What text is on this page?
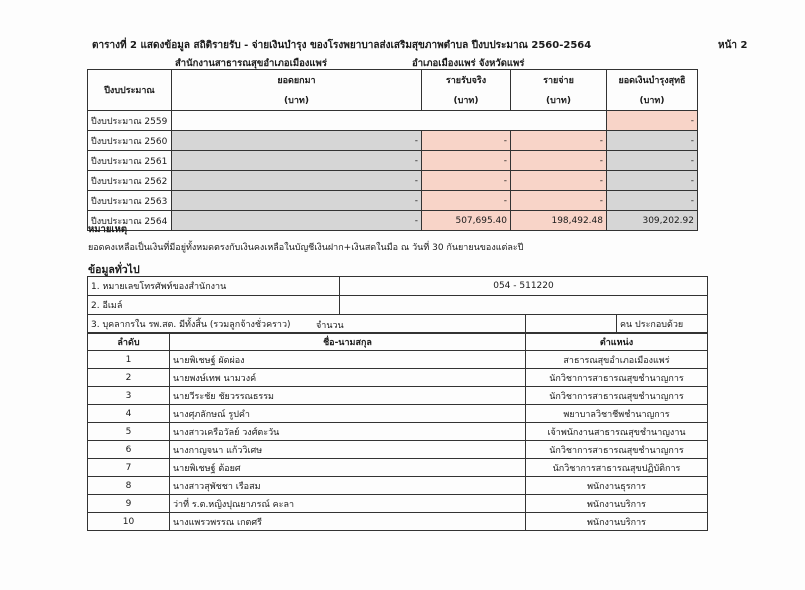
ตารางที่ 2 แสดงข้อมูล สถิติรายรับ - จ่ายเงินบำรุง ของโรงพยาบาลส่งเสริมสุขภาพตำบล ปีงบประมาณ 2560-2564	หน้า 2
สำนักงานสาธารณสุขอำเภอเมืองแพร่	อำเภอเมืองแพร่ จังหวัดแพร่
ปีงบประมาณ	ยอดยกมา	รายรับจริง	รายจ่าย	ยอดเงินบำรุงสุทธิ
	(บาท)	(บาท)	(บาท)	(บาท)
ปีงบประมาณ 2559				-
ปีงบประมาณ 2560	-	-	-	-
ปีงบประมาณ 2561	-	-	-	-
ปีงบประมาณ 2562	-	-	-	-
ปีงบประมาณ 2563	-	-	-	-
ปีงบประมาณ 2564	-	507,695.40	198,492.48	309,202.92
หมายเหตุ
ยอดคงเหลือเป็นเงินที่มีอยู่ทั้งหมดตรงกับเงินคงเหลือในบัญชีเงินฝาก+เงินสดในมือ ณ วันที่ 30 กันยายนของแต่ละปี
ข้อมูลทั่วไป
1. หมายเลขโทรศัพท์ของสำนักงาน	054 - 511220		
2. อีเมล์			
3. บุคลากรใน รพ.สต. มีทั้งสิ้น (รวมลูกจ้างชั่วคราว) จำนวน			คน ประกอบด้วย
ลำดับ	ชื่อ-นามสกุล	ตำแหน่ง
1	นายพิเชษฐ์ ผัดผ่อง	สาธารณสุขอำเภอเมืองแพร่
2	นายพงษ์เทพ นามวงค์	นักวิชาการสาธารณสุขชำนาญการ
3	นายวีระชัย ชัยวรรณธรรม	นักวิชาการสาธารณสุขชำนาญการ
4	นางศุภลักษณ์ รูปคำ	พยาบาลวิชาชีพชำนาญการ
5	นางสาวเครือวัลย์ วงศ์ตะวัน	เจ้าพนักงานสาธารณสุขชำนาญงาน
6	นางกาญจนา แก้ววิเศษ	นักวิชาการสาธารณสุขชำนาญการ
7	นายพิเชษฐ์ ต้อยศ	นักวิชาการสาธารณสุขปฏิบัติการ
8	นางสาวสุพัชชา เรือสม	พนักงานธุรการ
9	ว่าที่ ร.ต.หญิงปุณยาภรณ์ คะลา	พนักงานบริการ
10	นางแพรวพรรณ เกตศรี	พนักงานบริการ
